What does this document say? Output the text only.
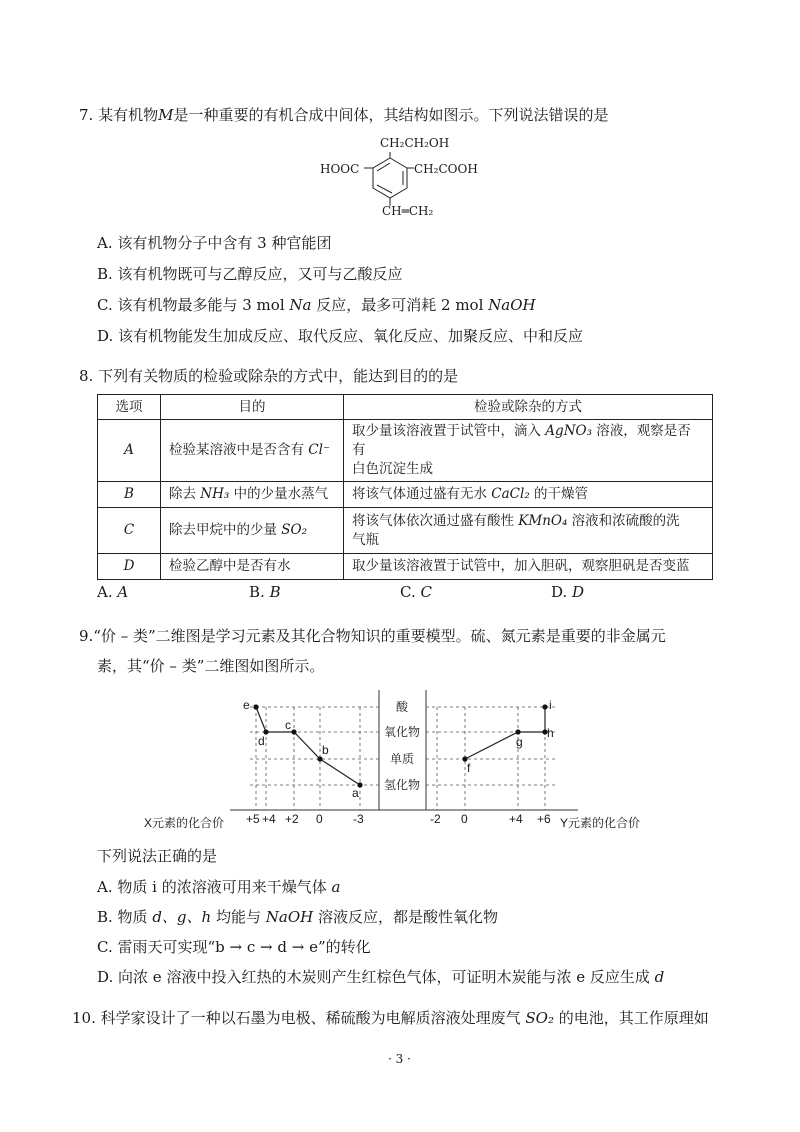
7. 某有机物M是一种重要的有机合成中间体，其结构如图示。下列说法错误的是
CH₂CH₂OH
HOOC	CH₂COOH
CH═CH₂
A. 该有机物分子中含有 3 种官能团
B. 该有机物既可与乙醇反应，又可与乙酸反应
C. 该有机物最多能与 3 mol Na 反应，最多可消耗 2 mol NaOH
D. 该有机物能发生加成反应、取代反应、氧化反应、加聚反应、中和反应
8. 下列有关物质的检验或除杂的方式中，能达到目的的是
选项	目的	检验或除杂的方式
A	检验某溶液中是否含有 Cl⁻	取少量该溶液置于试管中，滴入 AgNO₃ 溶液，观察是否有
白色沉淀生成
B	除去 NH₃ 中的少量水蒸气	将该气体通过盛有无水 CaCl₂ 的干燥管
C	除去甲烷中的少量 SO₂	将该气体依次通过盛有酸性 KMnO₄ 溶液和浓硫酸的洗
气瓶
D	检验乙醇中是否有水	取少量该溶液置于试管中，加入胆矾，观察胆矾是否变蓝
A. A	B. B	C. C	D. D
9.“价 – 类”二维图是学习元素及其化合物知识的重要模型。硫、氮元素是重要的非金属元
素，其“价 – 类”二维图如图所示。
酸
氧化物
单质
氢化物
e
d
c
b
a
f
g
h
i
X元素的化合价 +5 +4 +2 0	-3	-2 0	+4 +6 Y元素的化合价
下列说法正确的是
A. 物质 i 的浓溶液可用来干燥气体 a
B. 物质 d、g、h 均能与 NaOH 溶液反应，都是酸性氧化物
C. 雷雨天可实现“b → c → d → e”的转化
D. 向浓 e 溶液中投入红热的木炭则产生红棕色气体，可证明木炭能与浓 e 反应生成 d
10. 科学家设计了一种以石墨为电极、稀硫酸为电解质溶液处理废气 SO₂ 的电池，其工作原理如
· 3 ·
